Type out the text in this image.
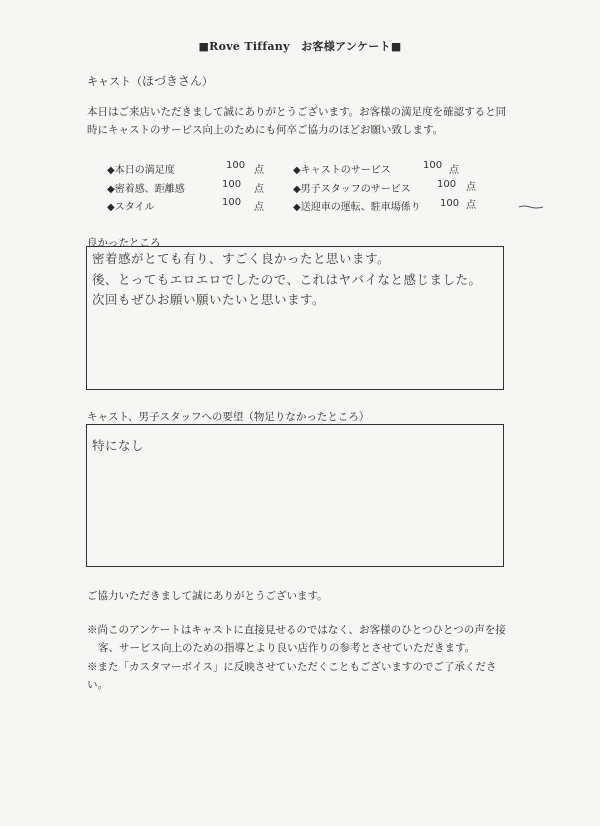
■Rove Tiffany　お客様アンケート■
キャスト（ほづきさん）
本日はご来店いただきまして誠にありがとうございます。お客様の満足度を確認すると同
時にキャストのサービス向上のためにも何卒ご協力のほどお願い致します。
◆本日の満足度	100 点
◆密着感、距離感	100 点
◆スタイル	100 点
◆キャストのサービス	100 点
◆男子スタッフのサービス	100 点
◆送迎車の運転、駐車場係り 100 点
良かったところ
密着感がとても有り、すごく良かったと思います。
後、とってもエロエロでしたので、これはヤバイなと感じました。
次回もぜひお願い願いたいと思います。
キャスト、男子スタッフへの要望（物足りなかったところ）
特になし
ご協力いただきまして誠にありがとうございます。
※尚このアンケートはキャストに直接見せるのではなく、お客様のひとつひとつの声を接
客、サービス向上のための指導とより良い店作りの参考とさせていただきます。
※また「カスタマーボイス」に反映させていただくこともございますのでご了承ください。
